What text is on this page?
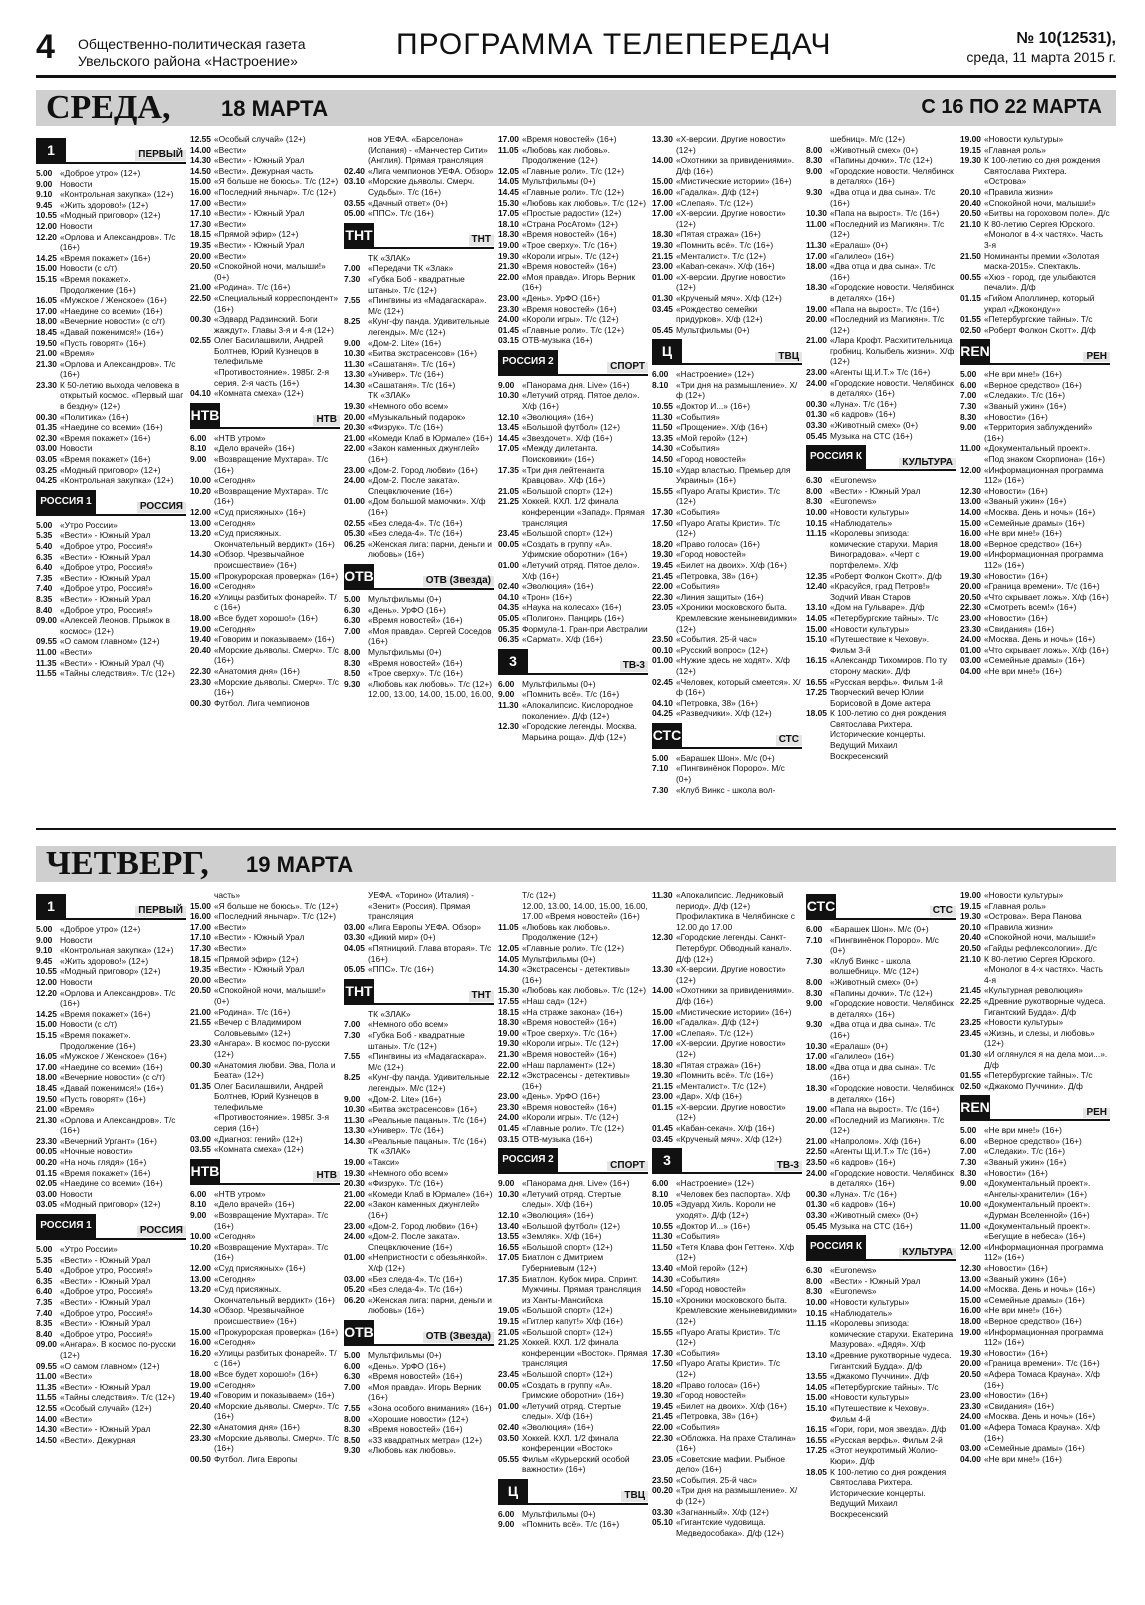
4 Общественно-политическая газета
Увельского района «Настроение»	ПРОГРАММА ТЕЛЕПЕРЕДАЧ	№ 10(12531),
среда, 11 марта 2015 г.
СРЕДА, 18 МАРТА	С 16 ПО 22 МАРТА
1	ПЕРВЫЙ
5.00 «Доброе утро» (12+)
9.00 Новости
9.10 «Контрольная закупка» (12+)
9.45 «Жить здорово!» (12+)
10.55 «Модный приговор» (12+)
12.00 Новости
12.20 «Орлова и Александров». Т/с (16+)
14.25 «Время покажет» (16+)
15.00 Новости (с с/т)
15.15 «Время покажет». Продолжение (16+)
16.05 «Мужское / Женское» (16+)
17.00 «Наедине со всеми» (16+)
18.00 «Вечерние новости» (с с/т)
18.45 «Давай поженимся!» (16+)
19.50 «Пусть говорят» (16+)
21.00 «Время»
21.30 «Орлова и Александров». Т/с (16+)
23.30 К 50-летию выхода человека в открытый космос. «Первый шаг в бездну» (12+)
00.30 «Политика» (16+)
01.35 «Наедине со всеми» (16+)
02.30 «Время покажет» (16+)
03.00 Новости
03.05 «Время покажет» (16+)
03.25 «Модный приговор» (12+)
04.25 «Контрольная закупка» (12+)
РОССИЯ 1	РОССИЯ
5.00 «Утро России»
5.35 «Вести» - Южный Урал
5.40 «Доброе утро, Россия!»
6.35 «Вести» - Южный Урал
6.40 «Доброе утро, Россия!»
7.35 «Вести» - Южный Урал
7.40 «Доброе утро, Россия!»
8.35 «Вести» - Южный Урал
8.40 «Доброе утро, Россия!»
09.00 «Алексей Леонов. Прыжок в космос» (12+)
09.55 «О самом главном» (12+)
11.00 «Вести»
11.35 «Вести» - Южный Урал (Ч)
11.55 «Тайны следствия». Т/с (12+)
12.55 «Особый случай» (12+)
14.00 «Вести»
14.30 «Вести» - Южный Урал
14.50 «Вести». Дежурная часть
15.00 «Я больше не боюсь». Т/с (12+)
16.00 «Последний янычар». Т/с (12+)
17.00 «Вести»
17.10 «Вести» - Южный Урал
17.30 «Вести»
18.15 «Прямой эфир» (12+)
19.35 «Вести» - Южный Урал
20.00 «Вести»
20.50 «Спокойной ночи, малыши!» (0+)
21.00 «Родина». Т/с (16+)
22.50 «Специальный корреспондент» (16+)
00.30 «Эдвард Радзинский. Боги жаждут». Главы 3-я и 4-я (12+)
02.55 Олег Басилашвили, Андрей Болтнев, Юрий Кузнецов в телефильме «Противостояние». 1985г. 2-я серия. 2-я часть (16+)
04.10 «Комната смеха» (12+)
НТВ	НТВ
6.00 «НТВ утром»
8.10 «Дело врачей» (16+)
9.00 «Возвращение Мухтара». Т/с (16+)
10.00 «Сегодня»
10.20 «Возвращение Мухтара». Т/с (16+)
12.00 «Суд присяжных» (16+)
13.00 «Сегодня»
13.20 «Суд присяжных. Окончательный вердикт» (16+)
14.30 «Обзор. Чрезвычайное происшествие» (16+)
15.00 «Прокурорская проверка» (16+)
16.00 «Сегодня»
16.20 «Улицы разбитых фонарей». Т/с (16+)
18.00 «Все будет хорошо!» (16+)
19.00 «Сегодня»
19.40 «Говорим и показываем» (16+)
20.40 «Морские дьяволы. Смерч». Т/с (16+)
22.30 «Анатомия дня» (16+)
23.30 «Морские дьяволы. Смерч». Т/с (16+)
00.30 Футбол. Лига чемпионов
нов УЕФА. «Барселона» (Испания) - «Манчестер Сити» (Англия). Прямая трансляция
02.40 «Лига чемпионов УЕФА. Обзор»
03.10 «Морские дьяволы. Смерч. Судьбы». Т/с (16+)
03.55 «Дачный ответ» (0+)
05.00 «ППС». Т/с (16+)
ТНТ	ТНТ
ТК «ЗЛАК»
7.00 «Передачи ТК «Злак»
7.30 «Губка Боб - квадратные штаны». Т/с (12+)
7.55 «Пингвины из «Мадагаскара». М/с (12+)
8.25 «Кунг-фу панда. Удивительные легенды». М/с (12+)
9.00 «Дом-2. Lite» (16+)
10.30 «Битва экстрасенсов» (16+)
11.30 «Сашатаня». Т/с (16+)
13.30 «Универ». Т/с (16+)
14.30 «Сашатаня». Т/с (16+)
ТК «ЗЛАК»
19.30 «Немного обо всем»
20.00 «Музыкальный подарок»
20.30 «Физрук». Т/с (16+)
21.00 «Комеди Клаб в Юрмале» (16+)
22.00 «Закон каменных джунглей» (16+)
23.00 «Дом-2. Город любви» (16+)
24.00 «Дом-2. После заката». Спецвключение (16+)
01.00 «Дом большой мамочки». Х/ф (16+)
02.55 «Без следа-4». Т/с (16+)
05.30 «Без следа-4». Т/с (16+)
06.25 «Женская лига: парни, деньги и любовь» (16+)
ОТВ	ОТВ (Звезда)
5.00 Мультфильмы (0+)
6.30 «День». УрФО (16+)
6.30 «Время новостей» (16+)
7.00 «Моя правда». Сергей Соседов (16+)
8.00 Мультфильмы (0+)
8.30 «Время новостей» (16+)
8.50 «Трое сверху». Т/с (16+)
9.30 «Любовь как любовь». Т/с (12+)
12.00, 13.00, 14.00, 15.00, 16.00,
17.00 «Время новостей» (16+)
11.05 «Любовь как любовь». Продолжение (12+)
12.05 «Главные роли». Т/с (12+)
14.05 Мультфильмы (0+)
14.45 «Главные роли». Т/с (12+)
15.30 «Любовь как любовь». Т/с (12+)
17.05 «Простые радости» (12+)
18.10 «Страна РосАтом» (12+)
18.30 «Время новостей» (16+)
19.00 «Трое сверху». Т/с (16+)
19.30 «Короли игры». Т/с (12+)
21.30 «Время новостей» (16+)
22.00 «Моя правда». Игорь Верник (16+)
23.00 «День». УрФО (16+)
23.30 «Время новостей» (16+)
24.00 «Короли игры». Т/с (12+)
01.45 «Главные роли». Т/с (12+)
03.15 ОТВ-музыка (16+)
РОССИЯ 2	СПОРТ
9.00 «Панорама дня. Live» (16+)
10.30 «Летучий отряд. Пятое дело». Х/ф (16+)
12.10 «Эволюция» (16+)
13.45 «Большой футбол» (12+)
14.45 «Звездочет». Х/ф (16+)
17.05 «Между дилетанта. Поисковики» (16+)
17.35 «Три дня лейтенанта Кравцова». Х/ф (16+)
21.05 «Большой спорт» (12+)
21.25 Хоккей. КХЛ. 1/2 финала конференции «Запад». Прямая трансляция
23.45 «Большой спорт» (12+)
00.05 «Создать в группу «А». Уфимские оборотни» (16+)
01.00 «Летучий отряд. Пятое дело». Х/ф (16+)
02.40 «Эволюция» (16+)
04.10 «Трон» (16+)
04.35 «Наука на колесах» (16+)
05.05 «Полигон». Панцирь (16+)
05.35 Формула-1. Гран-при Австралии
06.35 «Сармат». Х/ф (16+)
3	ТВ-3
6.00 Мультфильмы (0+)
9.00 «Помнить всё». Т/с (16+)
11.30 «Апокалипсис. Кислородное поколение». Д/ф (12+)
12.30 «Городские легенды. Москва. Марьина роща». Д/ф (12+)
13.30 «Х-версии. Другие новости» (12+)
14.00 «Охотники за привидениями». Д/ф (16+)
15.00 «Мистические истории» (16+)
16.00 «Гадалка». Д/ф (12+)
17.00 «Слепая». Т/с (12+)
17.00 «Х-версии. Другие новости» (12+)
18.30 «Пятая стража» (16+)
19.30 «Помнить всё». Т/с (16+)
21.15 «Менталист». Т/с (12+)
23.00 «Каban-секач». Х/ф (16+)
01.00 «Х-версии. Другие новости» (12+)
01.30 «Крученый мяч». Х/ф (12+)
03.45 «Рождество семейки придурков». Х/ф (12+)
05.45 Мультфильмы (0+)
Ц	ТВЦ
6.00 «Настроение» (12+)
8.10 «Три дня на размышление». Х/ф (12+)
10.55 «Доктор И...» (16+)
11.30 «События»
11.50 «Прощение». Х/ф (16+)
13.35 «Мой герой» (12+)
14.30 «События»
14.50 «Город новостей»
15.10 «Удар властью. Премьер для Украины» (16+)
15.55 «Пуаро Агаты Кристи». Т/с (12+)
17.30 «События»
17.50 «Пуаро Агаты Кристи». Т/с (12+)
18.20 «Право голоса» (16+)
19.30 «Город новостей»
19.45 «Билет на двоих». Х/ф (16+)
21.45 «Петровка, 38» (16+)
22.00 «События»
22.30 «Линия защиты» (16+)
23.05 «Хроники московского быта. Кремлевские женыневидимки» (12+)
23.50 «События. 25-й час»
00.10 «Русский вопрос» (12+)
01.00 «Нужие здесь не ходят». Х/ф (12+)
02.45 «Человек, который смеется». Х/ф (16+)
04.10 «Петровка, 38» (16+)
04.25 «Разведчики». Х/ф (12+)
СТС	СТС
5.00 «Барашек Шон». М/с (0+)
7.10 «Пингвинёнок Пороро». М/с (0+)
7.30 «Клуб Винкс - школа вол-
шебниц». М/с (12+)
8.00 «Животный смех» (0+)
8.30 «Папины дочки». Т/с (12+)
9.00 «Городские новости. Челябинск в деталях» (16+)
9.30 «Два отца и два сына». Т/с (16+)
10.30 «Папа на вырост». Т/с (16+)
11.00 «Последний из Магикян». Т/с (12+)
11.30 «Ералаш» (0+)
17.00 «Галилео» (16+)
18.00 «Два отца и два сына». Т/с (16+)
18.30 «Городские новости. Челябинск в деталях» (16+)
19.00 «Папа на вырост». Т/с (16+)
20.00 «Последний из Магикян». Т/с (12+)
21.00 «Лара Крофт. Расхитительница гробниц. Колыбель жизни». Х/ф (12+)
23.00 «Агенты Щ.И.Т.» Т/с (16+)
24.00 «Городские новости. Челябинск в деталях» (16+)
00.30 «Луна». Т/с (16+)
01.30 «6 кадров» (16+)
03.30 «Животный смех» (0+)
05.45 Музыка на СТС (16+)
РОССИЯ К	КУЛЬТУРА
6.30 «Euronews»
8.00 «Вести» - Южный Урал
8.30 «Euronews»
10.00 «Новости культуры»
10.15 «Наблюдатель»
11.15 «Королевы эпизода: комические старухи. Мария Виноградова». «Черт с портфелем». Х/ф
12.35 «Роберт Фолкон Скотт». Д/ф
12.40 «Красуйся, град Петров!» Зодчий Иван Старов
13.10 «Дом на Гульваре». Д/ф
14.05 «Петербургские тайны». Т/с
15.00 «Новости культуры»
15.10 «Путешествие к Чехову». Фильм 3-й
16.15 «Александр Тихомиров. По ту сторону маски». Д/ф
16.55 «Русская верфь». Фильм 1-й
17.25 Творческий вечер Юлии Борисовой в Доме актера
18.05 К 100-летию со дня рождения Святослава Рихтера. Исторические концерты. Ведущий Михаил Воскресенский
19.00 «Новости культуры»
19.15 «Главная роль»
19.30 К 100-летию со дня рождения Святослава Рихтера. «Острова»
20.10 «Правила жизни»
20.40 «Спокойной ночи, малыши!»
20.50 «Битвы на гороховом поле». Д/с
21.10 К 80-летию Сергея Юрского. «Монолог в 4-х частях». Часть 3-я
21.50 Номинанты премии «Золотая маска-2015». Спектакль.
00.55 «Хюэ - город, где улыбаются печали». Д/ф
01.15 «Гийом Аполлинер, который украл «Джоконду»»
01.55 «Петербургские тайны». Т/с
02.50 «Роберт Фолкон Скотт». Д/ф
REN	РЕН
5.00 «Не ври мне!» (16+)
6.00 «Верное средство» (16+)
7.00 «Следаки». Т/с (16+)
7.30 «Званый ужин» (16+)
8.30 «Новости» (16+)
9.00 «Территория заблуждений» (16+)
11.00 «Документальный проект». «Под знаком Скорпиона» (16+)
12.00 «Информационная программа 112» (16+)
12.30 «Новости» (16+)
13.00 «Званый ужин» (16+)
14.00 «Москва. День и ночь» (16+)
15.00 «Семейные драмы» (16+)
16.00 «Не ври мне!» (16+)
18.00 «Верное средство» (16+)
19.00 «Информационная программа 112» (16+)
19.30 «Новости» (16+)
20.00 «Граница времени». Т/с (16+)
20.50 «Что скрывает ложь». Х/ф (16+)
22.30 «Смотреть всем!» (16+)
23.00 «Новости» (16+)
23.30 «Свидания» (16+)
24.00 «Москва. День и ночь» (16+)
01.00 «Что скрывает ложь». Х/ф (16+)
03.00 «Семейные драмы» (16+)
04.00 «Не ври мне!» (16+)
ЧЕТВЕРГ, 19 МАРТА
1	ПЕРВЫЙ
5.00 «Доброе утро» (12+)
9.00 Новости
9.10 «Контрольная закупка» (12+)
9.45 «Жить здорово!» (12+)
10.55 «Модный приговор» (12+)
12.00 Новости
12.20 «Орлова и Александров». Т/с (16+)
14.25 «Время покажет» (16+)
15.00 Новости (с с/т)
15.15 «Время покажет». Продолжение (16+)
16.05 «Мужское / Женское» (16+)
17.00 «Наедине со всеми» (16+)
18.00 «Вечерние новости» (с с/т)
18.45 «Давай поженимся!» (16+)
19.50 «Пусть говорят» (16+)
21.00 «Время»
21.30 «Орлова и Александров». Т/с (16+)
23.30 «Вечерний Ургант» (16+)
00.05 «Ночные новости»
00.20 «На ночь глядя» (16+)
01.15 «Время покажет» (16+)
02.05 «Наедине со всеми» (16+)
03.00 Новости
03.05 «Модный приговор» (12+)
РОССИЯ 1	РОССИЯ
5.00 «Утро России»
5.35 «Вести» - Южный Урал
5.40 «Доброе утро, Россия!»
6.35 «Вести» - Южный Урал
6.40 «Доброе утро, Россия!»
7.35 «Вести» - Южный Урал
7.40 «Доброе утро, Россия!»
8.35 «Вести» - Южный Урал
8.40 «Доброе утро, Россия!»
09.00 «Ангара». В космос по-русски (12+)
09.55 «О самом главном» (12+)
11.00 «Вести»
11.35 «Вести» - Южный Урал
11.55 «Тайны следствия». Т/с (12+)
12.55 «Особый случай» (12+)
14.00 «Вести»
14.30 «Вести» - Южный Урал
14.50 «Вести». Дежурная
часть»
15.00 «Я больше не боюсь». Т/с (12+)
16.00 «Последний янычар». Т/с (12+)
17.00 «Вести»
17.10 «Вести» - Южный Урал
17.30 «Вести»
18.15 «Прямой эфир» (12+)
19.35 «Вести» - Южный Урал
20.00 «Вести»
20.50 «Спокойной ночи, малыши!» (0+)
21.00 «Родина». Т/с (16+)
21.55 «Вечер с Владимиром Соловьевым» (12+)
23.30 «Ангара». В космос по-русски (12+)
00.30 «Анатомия любви. Эва, Пола и Беата» (12+)
01.35 Олег Басилашвили, Андрей Болтнев, Юрий Кузнецов в телефильме «Противостояние». 1985г. 3-я серия (16+)
03.00 «Диагноз: гений» (12+)
03.55 «Комната смеха» (12+)
НТВ	НТВ
6.00 «НТВ утром»
8.10 «Дело врачей» (16+)
9.00 «Возвращение Мухтара». Т/с (16+)
10.00 «Сегодня»
10.20 «Возвращение Мухтара». Т/с (16+)
12.00 «Суд присяжных» (16+)
13.00 «Сегодня»
13.20 «Суд присяжных. Окончательный вердикт» (16+)
14.30 «Обзор. Чрезвычайное происшествие» (16+)
15.00 «Прокурорская проверка» (16+)
16.00 «Сегодня»
16.20 «Улицы разбитых фонарей». Т/с (16+)
18.00 «Все будет хорошо!» (16+)
19.00 «Сегодня»
19.40 «Говорим и показываем» (16+)
20.40 «Морские дьяволы. Смерч». Т/с (16+)
22.30 «Анатомия дня» (16+)
23.30 «Морские дьяволы. Смерч». Т/с (16+)
00.50 Футбол. Лига Европы
УЕФА. «Торино» (Италия) - «Зенит» (Россия). Прямая трансляция
03.00 «Лига Европы УЕФА. Обзор»
03.30 «Дикий мир» (0+)
04.05 «Пятницкий. Глава вторая». Т/с (16+)
05.05 «ППС». Т/с (16+)
ТНТ	ТНТ
ТК «ЗЛАК»
7.00 «Немного обо всем»
7.30 «Губка Боб - квадратные штаны». Т/с (12+)
7.55 «Пингвины из «Мадагаскара». М/с (12+)
8.25 «Кунг-фу панда. Удивительные легенды». М/с (12+)
9.00 «Дом-2. Lite» (16+)
10.30 «Битва экстрасенсов» (16+)
11.30 «Реальные пацаны». Т/с (16+)
13.30 «Универ». Т/с (16+)
14.30 «Реальные пацаны». Т/с (16+)
ТК «ЗЛАК»
19.00 «Такси»
19.30 «Немного обо всем»
20.30 «Физрук». Т/с (16+)
21.00 «Комеди Клаб в Юрмале» (16+)
22.00 «Закон каменных джунглей» (16+)
23.00 «Дом-2. Город любви» (16+)
24.00 «Дом-2. После заката». Спецвключение (16+)
01.00 «Непристности с обезьянкой». Х/ф (12+)
03.00 «Без следа-4». Т/с (16+)
05.20 «Без следа-4». Т/с (16+)
06.20 «Женская лига: парни, деньги и любовь» (16+)
ОТВ	ОТВ (Звезда)
5.00 Мультфильмы (0+)
6.00 «День». УрФО (16+)
6.30 «Время новостей» (16+)
7.00 «Моя правда». Игорь Верник (16+)
7.55 «Зона особого внимания» (16+)
8.00 «Хорошие новости» (12+)
8.30 «Время новостей» (16+)
8.50 «33 квадратных метра» (12+)
9.30 «Любовь как любовь».
Т/с (12+)
12.00, 13.00, 14.00, 15.00, 16.00, 17.00 «Время новостей» (16+)
11.05 «Любовь как любовь». Продолжение (12+)
12.05 «Главные роли». Т/с (12+)
14.05 Мультфильмы (0+)
14.30 «Экстрасенсы - детективы» (16+)
15.30 «Любовь как любовь». Т/с (12+)
17.55 «Наш сад» (12+)
18.15 «На страже закона» (16+)
18.30 «Время новостей» (16+)
19.00 «Трое сверху». Т/с (16+)
19.30 «Короли игры». Т/с (12+)
21.30 «Время новостей» (16+)
22.00 «Наш парламент» (12+)
22.12 «Экстрасенсы - детективы» (16+)
23.00 «День». УрФО (16+)
23.30 «Время новостей» (16+)
24.00 «Короли игры». Т/с (12+)
01.45 «Главные роли». Т/с (12+)
03.15 ОТВ-музыка (16+)
РОССИЯ 2	СПОРТ
9.00 «Панорама дня. Live» (16+)
10.30 «Летучий отряд. Стертые следы». Х/ф (16+)
12.10 «Эволюция» (16+)
13.40 «Большой футбол» (12+)
13.55 «Земляк». Х/ф (16+)
16.55 «Большой спорт» (12+)
17.05 Биатлон с Дмитрием Губерниевым (12+)
17.35 Биатлон. Кубок мира. Спринт. Мужчины. Прямая трансляция из Ханты-Мансийска
19.05 «Большой спорт» (12+)
19.15 «Гитлер капут!» Х/ф (16+)
21.05 «Большой спорт» (12+)
21.25 Хоккей. КХЛ. 1/2 финала конференции «Восток». Прямая трансляция
23.45 «Большой спорт» (12+)
00.05 «Создать в группу «А». Гримские оборотни» (16+)
01.00 «Летучий отряд. Стертые следы». Х/ф (16+)
02.40 «Эволюция» (16+)
03.50 Хоккей. КХЛ. 1/2 финала конференции «Восток»
05.55 Фильм «Курьерский особой важности» (16+)
Ц	ТВЦ
6.00 Мультфильмы (0+)
9.00 «Помнить всё». Т/с (16+)
11.30 «Апокалипсис. Ледниковый период». Д/ф (12+)
Профилактика в Челябинске с 12.00 до 17.00
12.30 «Городские легенды. Санкт-Петербург. Обводный канал». Д/ф (12+)
13.30 «Х-версии. Другие новости» (12+)
14.00 «Охотники за привидениями». Д/ф (16+)
15.00 «Мистические истории» (16+)
16.00 «Гадалка». Д/ф (12+)
17.00 «Слепая». Т/с (12+)
17.00 «Х-версии. Другие новости» (12+)
18.30 «Пятая стража» (16+)
19.30 «Помнить всё». Т/с (16+)
21.15 «Менталист». Т/с (12+)
23.00 «Дар». Х/ф (16+)
01.15 «Х-версии. Другие новости» (12+)
01.45 «Кабан-секач». Х/ф (16+)
03.45 «Крученый мяч». Х/ф (12+)
3	ТВ-3
6.00 «Настроение» (12+)
8.10 «Человек без паспорта». Х/ф
10.05 «Эдуард Хиль. Короли не уходят». Д/ф (12+)
10.55 «Доктор И...» (16+)
11.30 «События»
11.50 «Тетя Клава фон Геттен». Х/ф (12+)
13.40 «Мой герой» (12+)
14.30 «События»
14.50 «Город новостей»
15.10 «Хроники московского быта. Кремлевские женыневидимки» (12+)
15.55 «Пуаро Агаты Кристи». Т/с (12+)
17.30 «События»
17.50 «Пуаро Агаты Кристи». Т/с (12+)
18.20 «Право голоса» (16+)
19.30 «Город новостей»
19.45 «Билет на двоих». Х/ф (16+)
21.45 «Петровка, 38» (16+)
22.00 «События»
22.30 «Обложка. На прахе Сталина» (16+)
23.05 «Советские мафии. Рыбное дело» (16+)
23.50 «События. 25-й час»
00.20 «Три дня на размышление». Х/ф (12+)
03.30 «Загнанный». Х/ф (12+)
05.10 «Гигантские чудовища. Медведособака». Д/ф (12+)
СТС	СТС
6.00 «Барашек Шон». М/с (0+)
7.10 «Пингвинёнок Пороро». М/с (0+)
7.30 «Клуб Винкс - школа волшебниц». М/с (12+)
8.00 «Животный смех» (0+)
8.30 «Папины дочки». Т/с (12+)
9.00 «Городские новости. Челябинск в деталях» (16+)
9.30 «Два отца и два сына». Т/с (16+)
10.30 «Ералаш» (0+)
17.00 «Галилео» (16+)
18.00 «Два отца и два сына». Т/с (16+)
18.30 «Городские новости. Челябинск в деталях» (16+)
19.00 «Папа на вырост». Т/с (16+)
20.00 «Последний из Магикян». Т/с (12+)
21.00 «Напролом». Х/ф (16+)
22.50 «Агенты Щ.И.Т.» Т/с (16+)
23.50 «6 кадров» (16+)
24.00 «Городские новости. Челябинск в деталях» (16+)
00.30 «Луна». Т/с (16+)
01.30 «6 кадров» (16+)
03.30 «Животный смех» (0+)
05.45 Музыка на СТС (16+)
РОССИЯ К	КУЛЬТУРА
6.30 «Euronews»
8.00 «Вести» - Южный Урал
8.30 «Euronews»
10.00 «Новости культуры»
10.15 «Наблюдатель»
11.15 «Королевы эпизода: комические старухи. Екатерина Мазурова». «Дядя». Х/ф
13.10 «Древние рукотворные чудеса. Гигантский Будда». Д/ф
13.55 «Джакомо Пуччини». Д/ф
14.05 «Петербургские тайны». Т/с
15.00 «Новости культуры»
15.10 «Путешествие к Чехову». Фильм 4-й
16.15 «Гори, гори, моя звезда». Д/ф
16.55 «Русская верфь». Фильм 2-й
17.25 «Этот неукротимый Жолио-Кюри». Д/ф
18.05 К 100-летию со дня рождения Святослава Рихтера. Исторические концерты. Ведущий Михаил Воскресенский
19.00 «Новости культуры»
19.15 «Главная роль»
19.30 «Острова». Вера Панова
20.10 «Правила жизни»
20.40 «Спокойной ночи, малыши!»
20.50 «Гайды рефлексологии». Д/с
21.10 К 80-летию Сергея Юрского. «Монолог в 4-х частях». Часть 4-я
21.45 «Культурная революция»
22.25 «Древние рукотворные чудеса. Гигантский Будда». Д/ф
23.25 «Новости культуры»
23.45 «Жизнь, и слезы, и любовь» (12+)
01.30 «И оглянулся я на дела мои...». Д/ф
01.55 «Петербургские тайны». Т/с
02.50 «Джакомо Пуччини». Д/ф
REN	РЕН
5.00 «Не ври мне!» (16+)
6.00 «Верное средство» (16+)
7.00 «Следаки». Т/с (16+)
7.30 «Званый ужин» (16+)
8.30 «Новости» (16+)
9.00 «Документальный проект». «Ангелы-хранители» (16+)
10.00 «Документальный проект». «Дурман Вселенной» (16+)
11.00 «Документальный проект». «Бегущие в небеса» (16+)
12.00 «Информационная программа 112» (16+)
12.30 «Новости» (16+)
13.00 «Званый ужин» (16+)
14.00 «Москва. День и ночь» (16+)
15.00 «Семейные драмы» (16+)
16.00 «Не ври мне!» (16+)
18.00 «Верное средство» (16+)
19.00 «Информационная программа 112» (16+)
19.30 «Новости» (16+)
20.00 «Граница времени». Т/с (16+)
20.50 «Афера Томаса Крауна». Х/ф (16+)
23.00 «Новости» (16+)
23.30 «Свидания» (16+)
24.00 «Москва. День и ночь» (16+)
01.00 «Афера Томаса Крауна». Х/ф (16+)
03.00 «Семейные драмы» (16+)
04.00 «Не ври мне!» (16+)
